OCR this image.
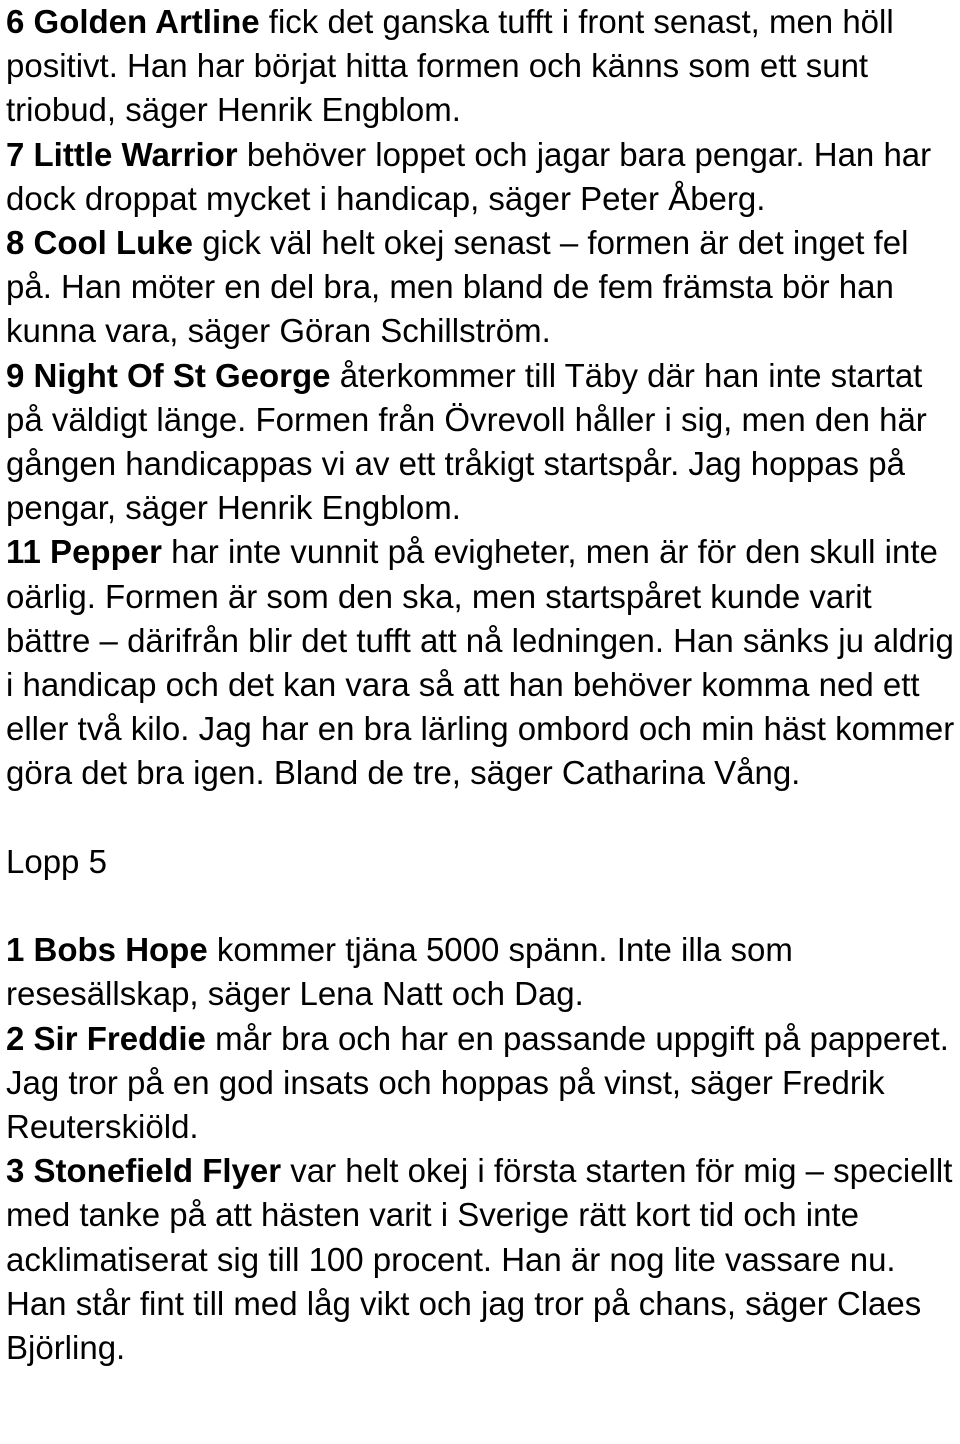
6 Golden Artline fick det ganska tufft i front senast, men höll positivt. Han har börjat hitta formen och känns som ett sunt triobud, säger Henrik Engblom.

7 Little Warrior behöver loppet och jagar bara pengar. Han har dock droppat mycket i handicap, säger Peter Åberg.

8 Cool Luke gick väl helt okej senast – formen är det inget fel på. Han möter en del bra, men bland de fem främsta bör han kunna vara, säger Göran Schillström.

9 Night Of St George återkommer till Täby där han inte startat på väldigt länge. Formen från Övrevoll håller i sig, men den här gången handicappas vi av ett tråkigt startspår. Jag hoppas på pengar, säger Henrik Engblom.

11 Pepper har inte vunnit på evigheter, men är för den skull inte oärlig. Formen är som den ska, men startspåret kunde varit bättre – därifrån blir det tufft att nå ledningen. Han sänks ju aldrig i handicap och det kan vara så att han behöver komma ned ett eller två kilo. Jag har en bra lärling ombord och min häst kommer göra det bra igen. Bland de tre, säger Catharina Vång.

Lopp 5

1 Bobs Hope kommer tjäna 5000 spänn. Inte illa som resesällskap, säger Lena Natt och Dag.

2 Sir Freddie mår bra och har en passande uppgift på papperet. Jag tror på en god insats och hoppas på vinst, säger Fredrik Reuterskiöld.

3 Stonefield Flyer var helt okej i första starten för mig – speciellt med tanke på att hästen varit i Sverige rätt kort tid och inte acklimatiserat sig till 100 procent. Han är nog lite vassare nu. Han står fint till med låg vikt och jag tror på chans, säger Claes Björling.
